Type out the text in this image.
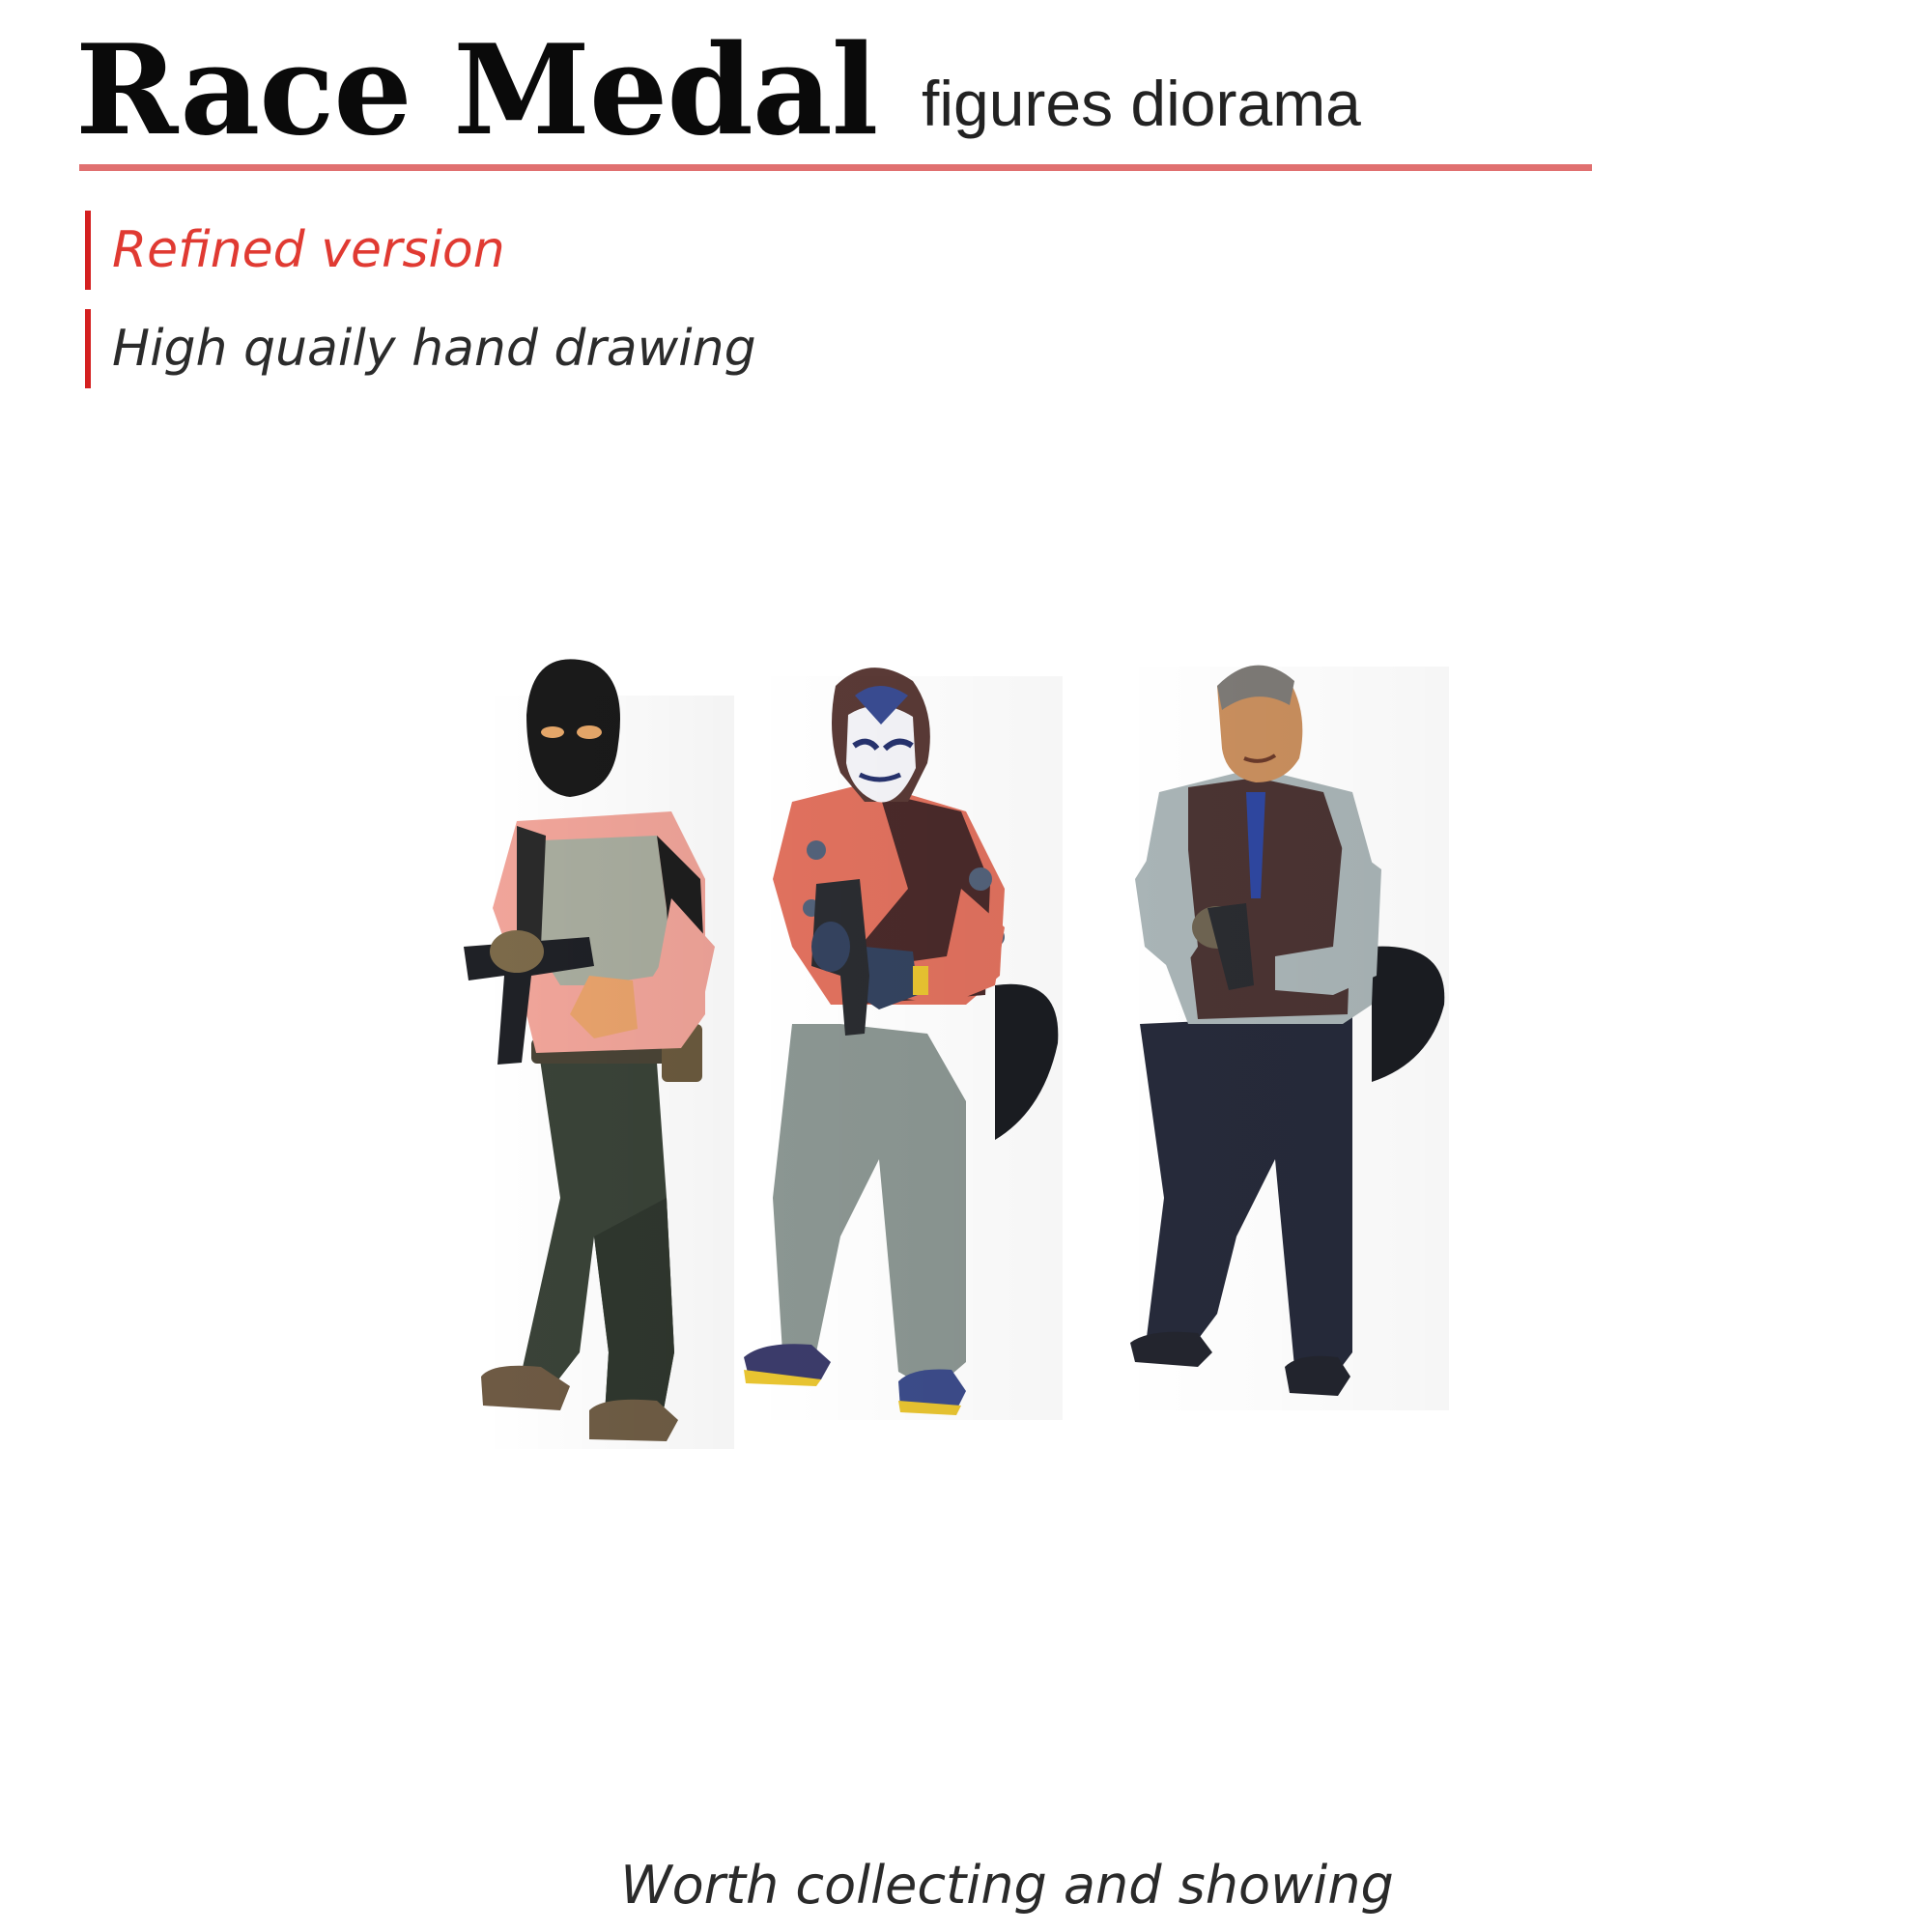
Race Medal figures diorama
Refined version
High quaily hand drawing
Worth collecting and showing
